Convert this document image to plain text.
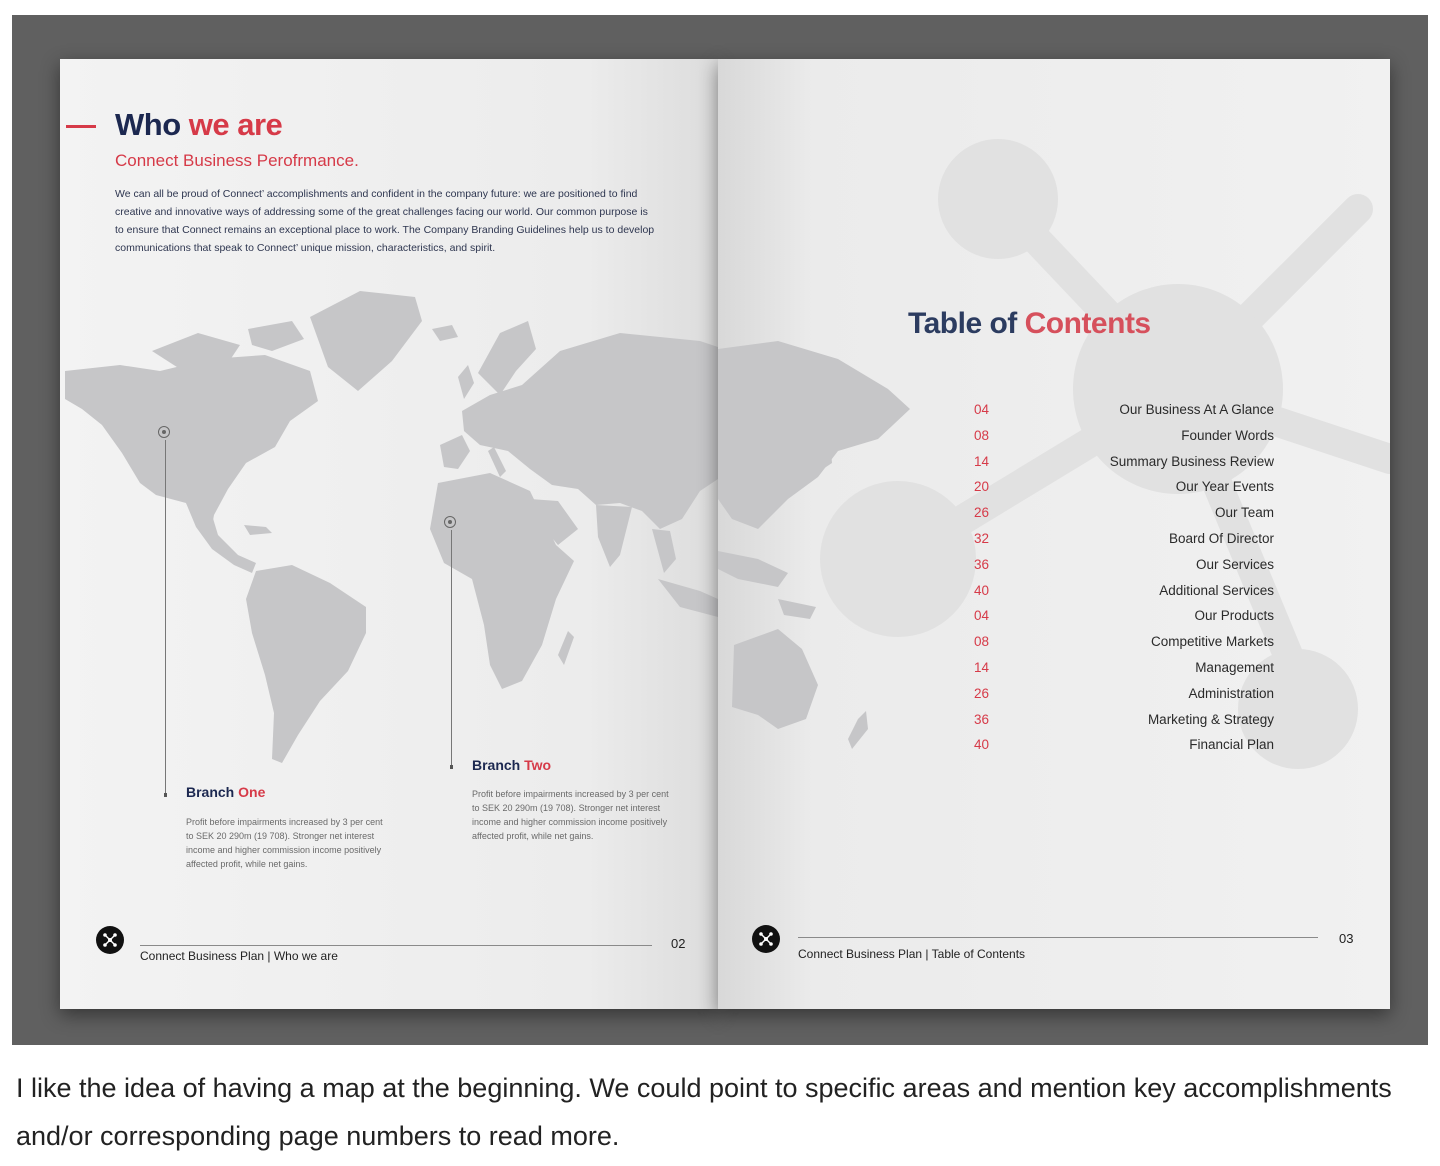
Who we are
Connect Business Perofrmance.
We can all be proud of Connect’ accomplishments and confident in the company future: we are positioned to find creative and innovative ways of addressing some of the great challenges facing our world. Our common purpose is to ensure that Connect remains an exceptional place to work. The Company Branding Guidelines help us to develop communications that speak to Connect’ unique mission, characteristics, and spirit.
Branch One
Profit before impairments increased by 3 per cent to SEK 20 290m (19 708). Stronger net interest income and higher commission income positively affected profit, while net gains.
Branch Two
Profit before impairments increased by 3 per cent to SEK 20 290m (19 708). Stronger net interest income and higher commission income positively affected profit, while net gains.
Connect Business Plan | Who we are
02
Table of Contents
04	Our Business At A Glance
08	Founder Words
14	Summary Business Review
20	Our Year Events
26	Our Team
32	Board Of Director
36	Our Services
40	Additional Services
04	Our Products
08	Competitive Markets
14	Management
26	Administration
36	Marketing & Strategy
40	Financial Plan
Connect Business Plan | Table of Contents
03
I like the idea of having a map at the beginning. We could point to specific areas and mention key accomplishments and/or corresponding page numbers to read more.
